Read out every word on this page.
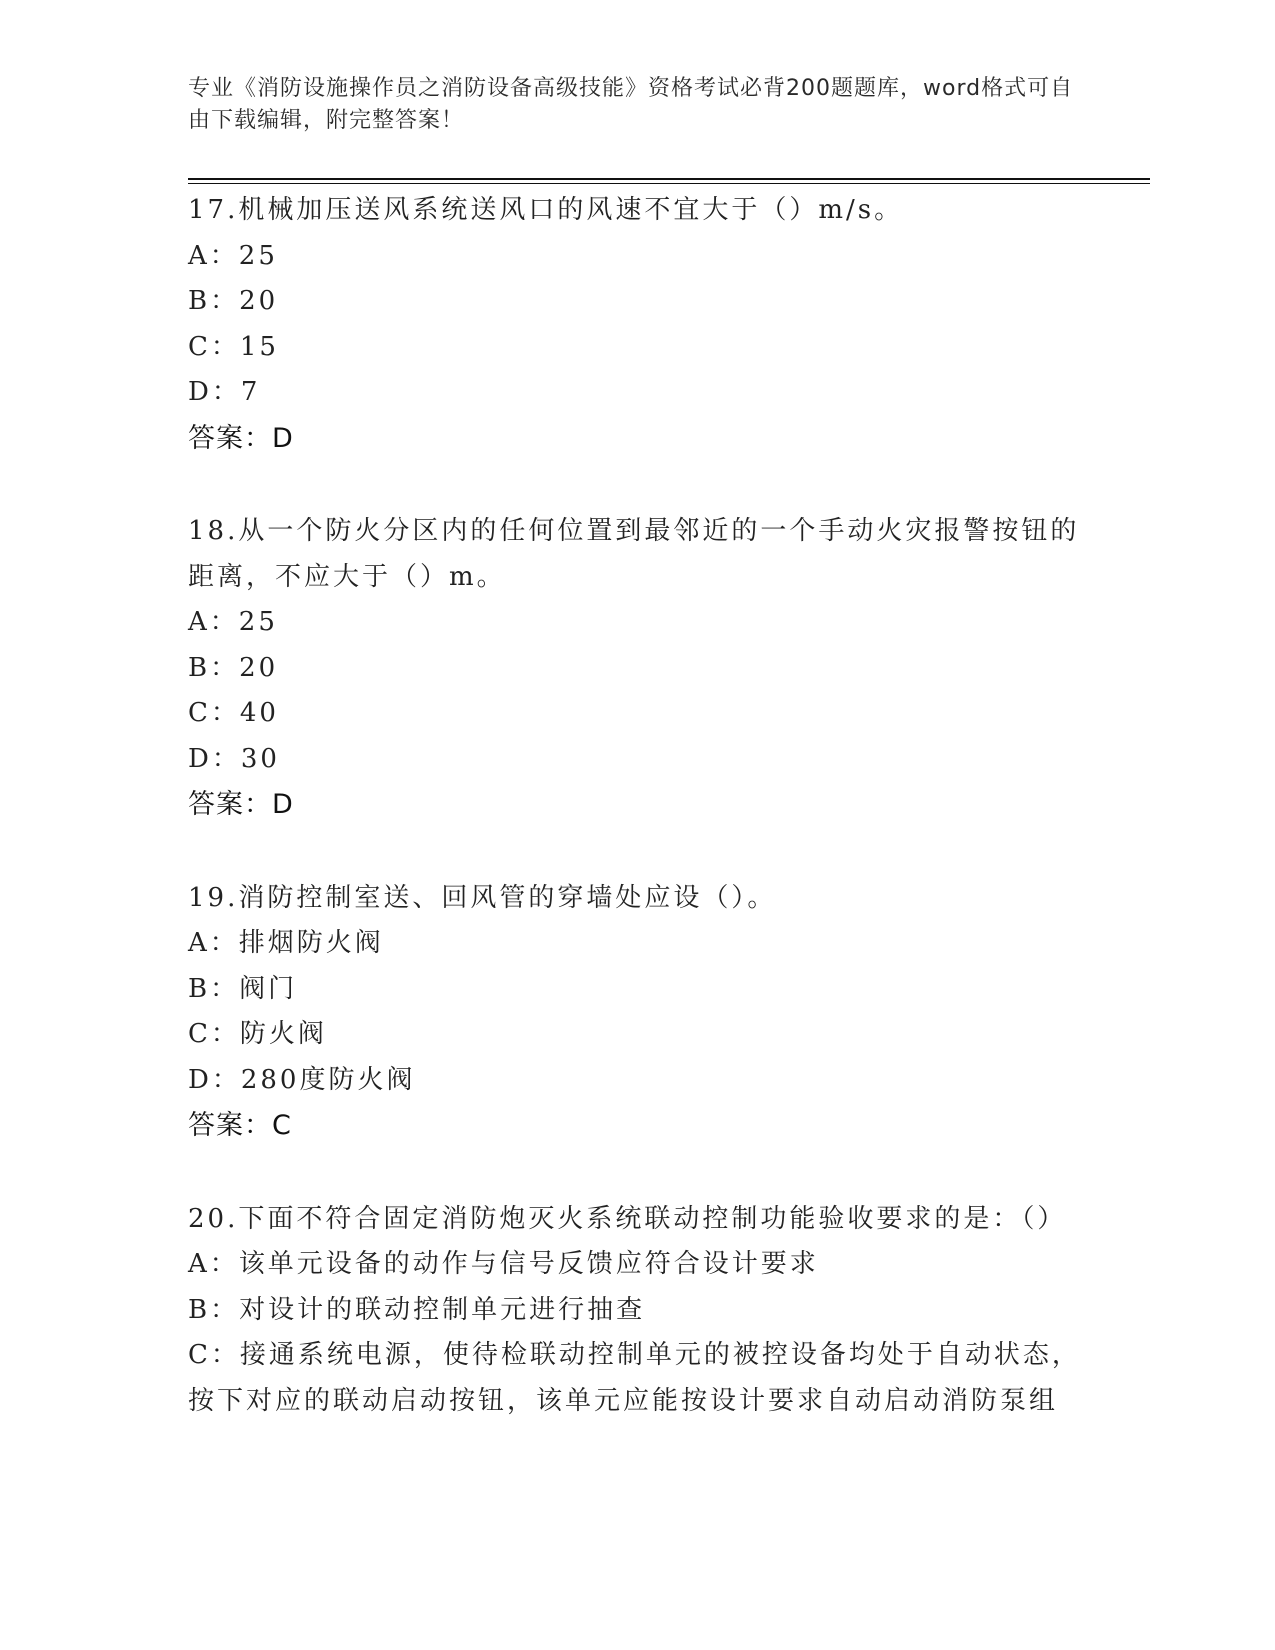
专业《消防设施操作员之消防设备高级技能》资格考试必背200题题库，word格式可自由下载编辑，附完整答案！
17.机械加压送风系统送风口的风速不宜大于（）m/s。
A：25
B：20
C：15
D：7
答案：D
18.从一个防火分区内的任何位置到最邻近的一个手动火灾报警按钮的
距离，不应大于（）m。
A：25
B：20
C：40
D：30
答案：D
19.消防控制室送、回风管的穿墙处应设（）。
A：排烟防火阀
B：阀门
C：防火阀
D：280度防火阀
答案：C
20.下面不符合固定消防炮灭火系统联动控制功能验收要求的是：（）
A：该单元设备的动作与信号反馈应符合设计要求
B：对设计的联动控制单元进行抽查
C：接通系统电源，使待检联动控制单元的被控设备均处于自动状态，
按下对应的联动启动按钮，该单元应能按设计要求自动启动消防泵组
